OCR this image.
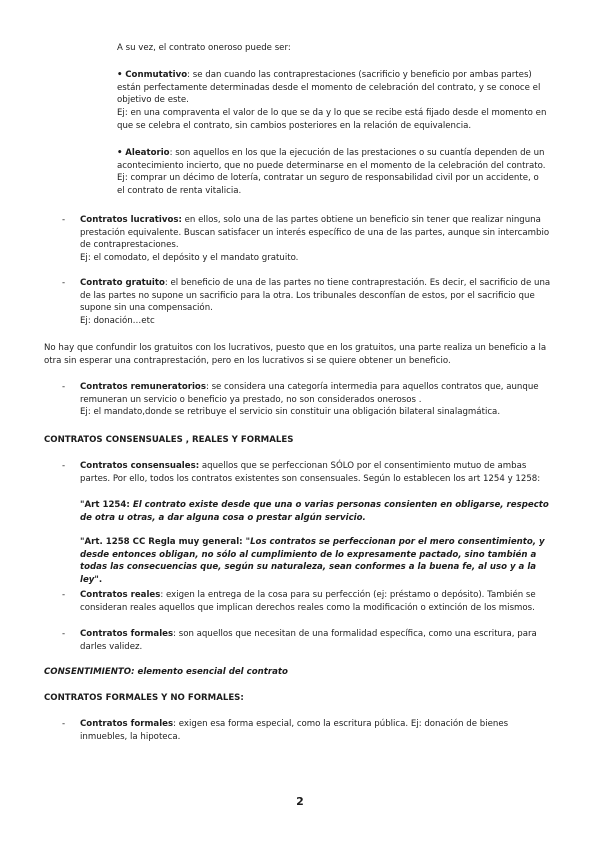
A su vez, el contrato oneroso puede ser:

• Conmutativo: se dan cuando las contraprestaciones (sacrificio y beneficio por ambas partes) están perfectamente determinadas desde el momento de celebración del contrato, y se conoce el objetivo de este.

Ej: en una compraventa el valor de lo que se da y lo que se recibe está fijado desde el momento en que se celebra el contrato, sin cambios posteriores en la relación de equivalencia.

• Aleatorio: son aquellos en los que la ejecución de las prestaciones o su cuantía dependen de un acontecimiento incierto, que no puede determinarse en el momento de la celebración del contrato.

Ej: comprar un décimo de lotería, contratar un seguro de responsabilidad civil por un accidente, o el contrato de renta vitalicia.

- Contratos lucrativos: en ellos, solo una de las partes obtiene un beneficio sin tener que realizar ninguna prestación equivalente. Buscan satisfacer un interés específico de una de las partes, aunque sin intercambio de contraprestaciones.

Ej: el comodato, el depósito y el mandato gratuito.

- Contrato gratuito: el beneficio de una de las partes no tiene contraprestación. Es decir, el sacrificio de una de las partes no supone un sacrificio para la otra. Los tribunales desconfían de estos, por el sacrificio que supone sin una compensación.

Ej: donación…etc

No hay que confundir los gratuitos con los lucrativos, puesto que en los gratuitos, una parte realiza un beneficio a la otra sin esperar una contraprestación, pero en los lucrativos si se quiere obtener un beneficio.

- Contratos remuneratorios: se considera una categoría intermedia para aquellos contratos que, aunque remuneran un servicio o beneficio ya prestado, no son considerados onerosos .

Ej: el mandato,donde se retribuye el servicio sin constituir una obligación bilateral sinalagmática.

CONTRATOS CONSENSUALES , REALES Y FORMALES

- Contratos consensuales: aquellos que se perfeccionan SÓLO por el consentimiento mutuo de ambas partes. Por ello, todos los contratos existentes son consensuales. Según lo establecen los art 1254 y 1258:

"Art 1254: El contrato existe desde que una o varias personas consienten en obligarse, respecto de otra u otras, a dar alguna cosa o prestar algún servicio.

"Art. 1258 CC Regla muy general: "Los contratos se perfeccionan por el mero consentimiento, y desde entonces obligan, no sólo al cumplimiento de lo expresamente pactado, sino también a todas las consecuencias que, según su naturaleza, sean conformes a la buena fe, al uso y a la ley".

- Contratos reales: exigen la entrega de la cosa para su perfección (ej: préstamo o depósito). También se consideran reales aquellos que implican derechos reales como la modificación o extinción de los mismos.

- Contratos formales: son aquellos que necesitan de una formalidad específica, como una escritura, para darles validez.

CONSENTIMIENTO: elemento esencial del contrato

CONTRATOS FORMALES Y NO FORMALES:

- Contratos formales: exigen esa forma especial, como la escritura pública. Ej: donación de bienes inmuebles, la hipoteca.

2
